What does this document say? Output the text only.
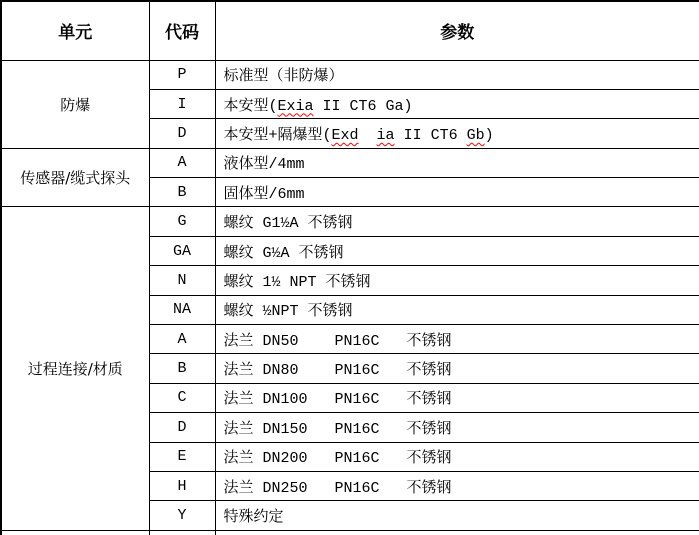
单元	代码	参数
防爆	P	标准型（非防爆）
	I	本安型(Exia II CT6 Ga)
	D	本安型+隔爆型(Exd ia II CT6 Gb)
传感器/缆式探头	A	液体型/4mm
	B	固体型/6mm
过程连接/材质	G	螺纹 G1½A 不锈钢
	GA	螺纹 G½A 不锈钢
	N	螺纹 1½ NPT 不锈钢
	NA	螺纹 ½NPT 不锈钢
	A	法兰 DN50    PN16C   不锈钢
	B	法兰 DN80    PN16C   不锈钢
	C	法兰 DN100   PN16C   不锈钢
	D	法兰 DN150   PN16C   不锈钢
	E	法兰 DN200   PN16C   不锈钢
	H	法兰 DN250   PN16C   不锈钢
	Y	特殊约定
